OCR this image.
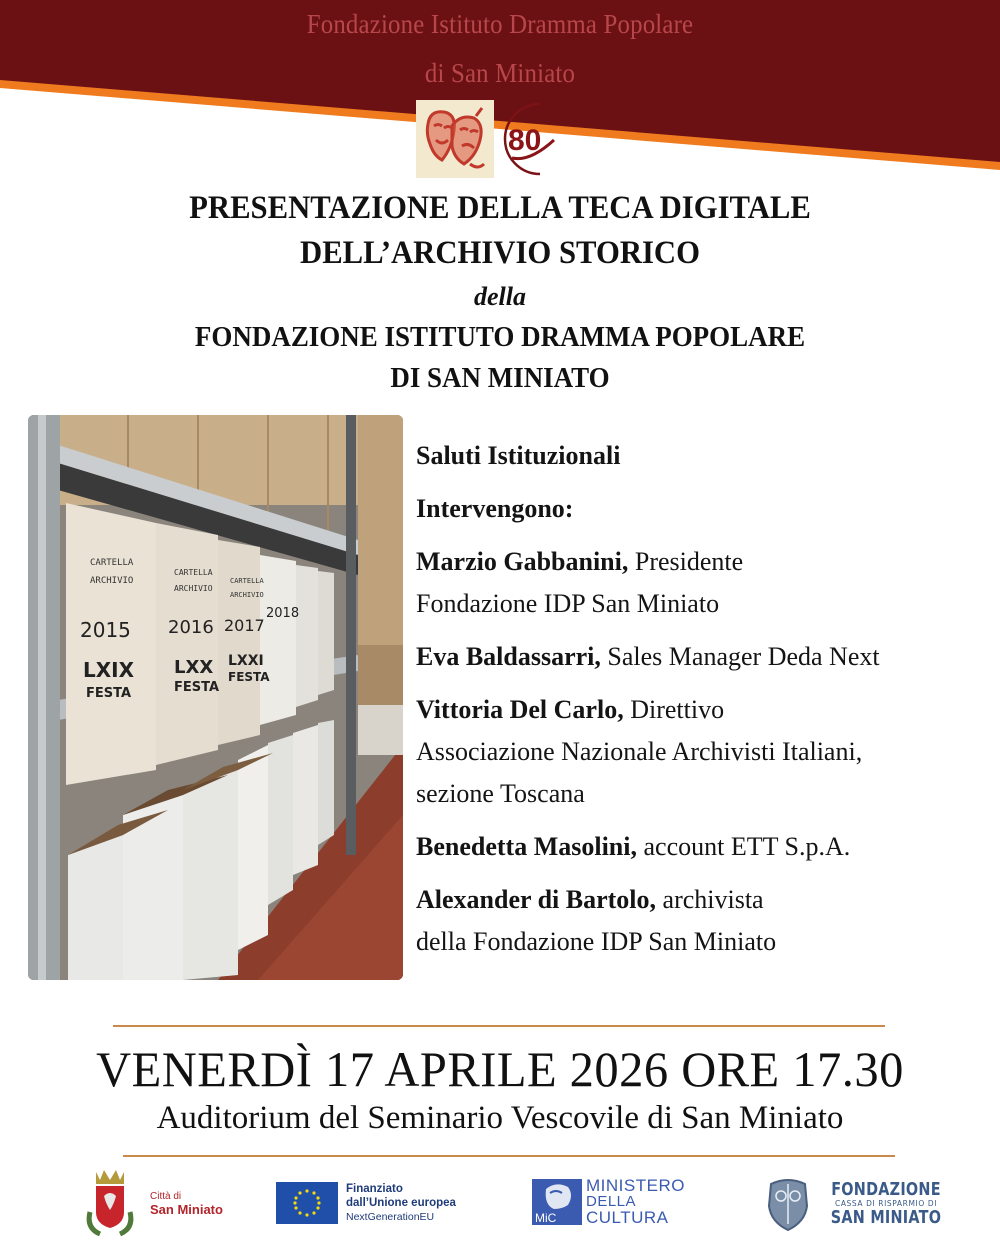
Fondazione Istituto Dramma Popolare
di San Miniato
80
PRESENTAZIONE DELLA TECA DIGITALE
DELL’ARCHIVIO STORICO
della
FONDAZIONE ISTITUTO DRAMMA POPOLARE
DI SAN MINIATO
CARTELLA
ARCHIVIO
CARTELLA
ARCHIVIO
CARTELLA
ARCHIVIO
2015 2016 2017
2018
LXIX
FESTA
LXX
FESTA
LXXI
FESTA
Saluti Istituzionali
Intervengono:
Marzio Gabbanini, Presidente
Fondazione IDP San Miniato
Eva Baldassarri, Sales Manager Deda Next
Vittoria Del Carlo, Direttivo
Associazione Nazionale Archivisti Italiani,
sezione Toscana
Benedetta Masolini, account ETT S.p.A.
Alexander di Bartolo, archivista
della Fondazione IDP San Miniato
VENERDÌ 17 APRILE 2026 ORE 17.30
Auditorium del Seminario Vescovile di San Miniato
Città di
San Miniato
Finanziato
dall’Unione europea
NextGenerationEU	MiC
MINISTERO
DELLA
CULTURA
FONDAZIONE
CASSA DI RISPARMIO DI
SAN MINIATO
